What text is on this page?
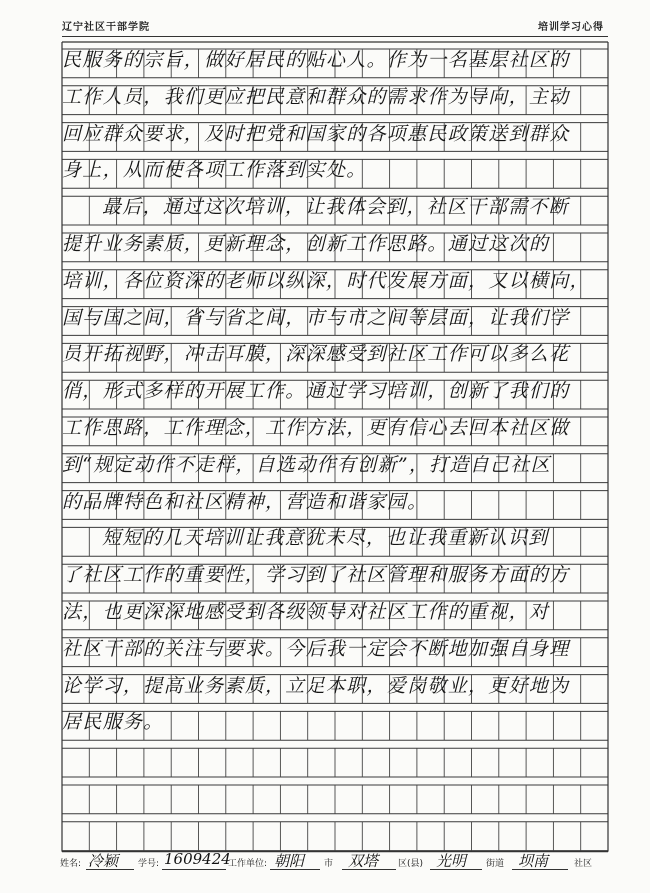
辽宁社区干部学院	培训学习心得
民服务的宗旨，做好居民的贴心人。作为一名基层社区的
工作人员，我们更应把民意和群众的需求作为导向，主动
回应群众要求，及时把党和国家的各项惠民政策送到群众
身上，从而使各项工作落到实处。
最后，通过这次培训，让我体会到，社区干部需不断
提升业务素质，更新理念，创新工作思路。通过这次的
培训，各位资深的老师以纵深，时代发展方面，又以横向，
国与国之间，省与省之间，市与市之间等层面，让我们学
员开拓视野，冲击耳膜，深深感受到社区工作可以多么花
俏，形式多样的开展工作。通过学习培训，创新了我们的
工作思路，工作理念，工作方法，更有信心去回本社区做
到“规定动作不走样，自选动作有创新”，打造自己社区
的品牌特色和社区精神，营造和谐家园。
短短的几天培训让我意犹未尽，也让我重新认识到
了社区工作的重要性，学习到了社区管理和服务方面的方
法，也更深深地感受到各级领导对社区工作的重视，对
社区干部的关注与要求。今后我一定会不断地加强自身理
论学习，提高业务素质，立足本职，爱岗敬业，更好地为
居民服务。
姓名: 冷颖 学号: 1609424
工作单位: 朝阳 市 双塔 区(县) 光明 街道 坝南	社区
